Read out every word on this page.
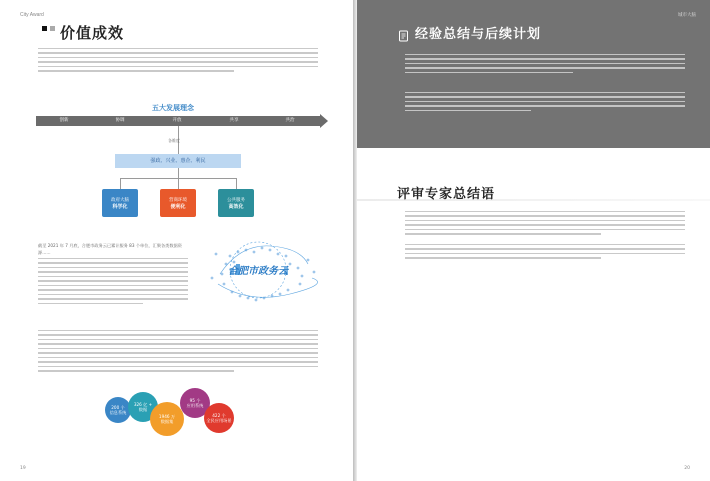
City Award
价值成效
五大发展理念
创新	协调	开放	共享	共治
各维度
强政、兴业、惠企、利民
政府大脑
科学化
营商环境
便利化
公共服务
高效化
截至 2021 年 7 月底，合肥市政务云已累计服务 83 个单位，汇聚各类数据资源……
合肥市政务云
200 个
信息系统
326 亿 +
数据
1946 万
数据集
95 个
应用系统
422 个
全民应用场景
19
城市大脑
经验总结与后续计划
评审专家总结语
20
